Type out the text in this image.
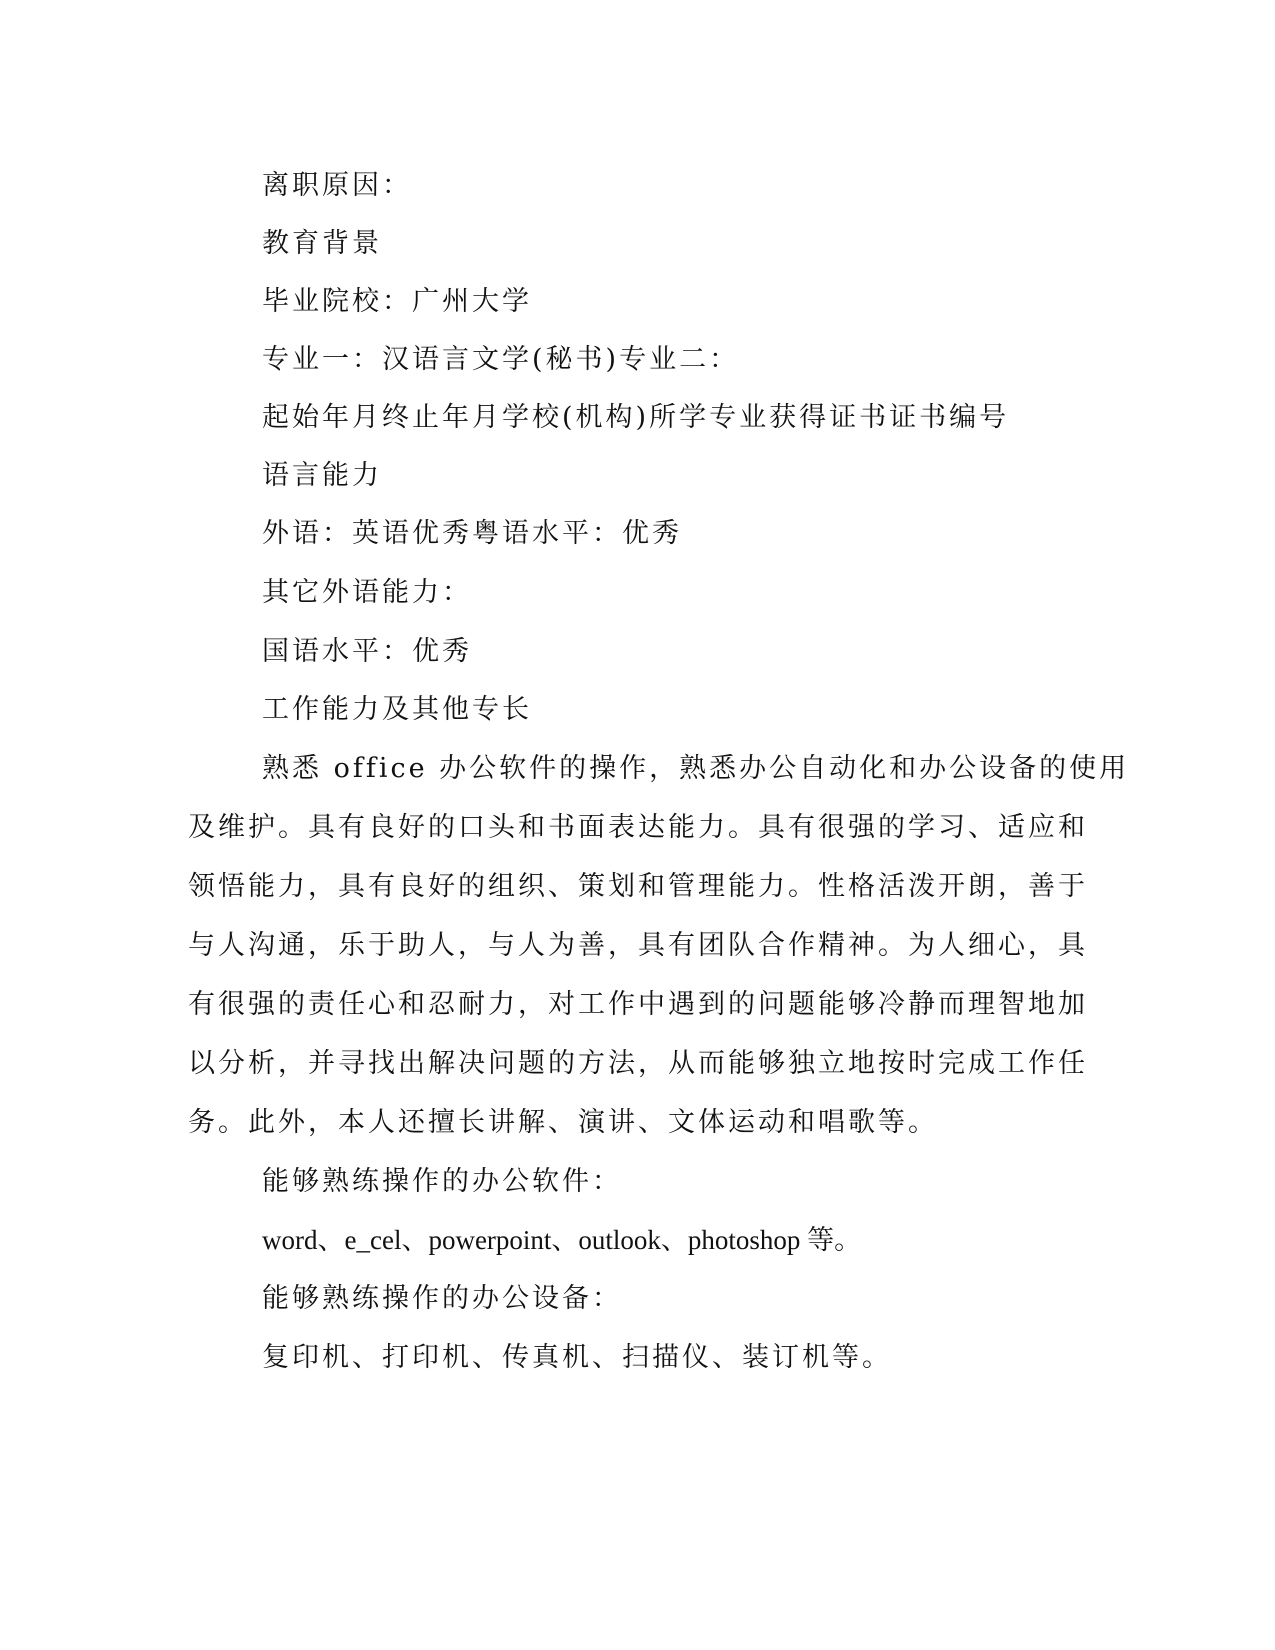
离职原因：
教育背景
毕业院校：广州大学
专业一：汉语言文学(秘书)专业二：
起始年月终止年月学校(机构)所学专业获得证书证书编号
语言能力
外语：英语优秀粤语水平：优秀
其它外语能力：
国语水平：优秀
工作能力及其他专长
熟悉 office 办公软件的操作，熟悉办公自动化和办公设备的使用
及维护。具有良好的口头和书面表达能力。具有很强的学习、适应和
领悟能力，具有良好的组织、策划和管理能力。性格活泼开朗，善于
与人沟通，乐于助人，与人为善，具有团队合作精神。为人细心，具
有很强的责任心和忍耐力，对工作中遇到的问题能够冷静而理智地加
以分析，并寻找出解决问题的方法，从而能够独立地按时完成工作任
务。此外，本人还擅长讲解、演讲、文体运动和唱歌等。
能够熟练操作的办公软件：
word、e_cel、powerpoint、outlook、photoshop 等。
能够熟练操作的办公设备：
复印机、打印机、传真机、扫描仪、装订机等。
